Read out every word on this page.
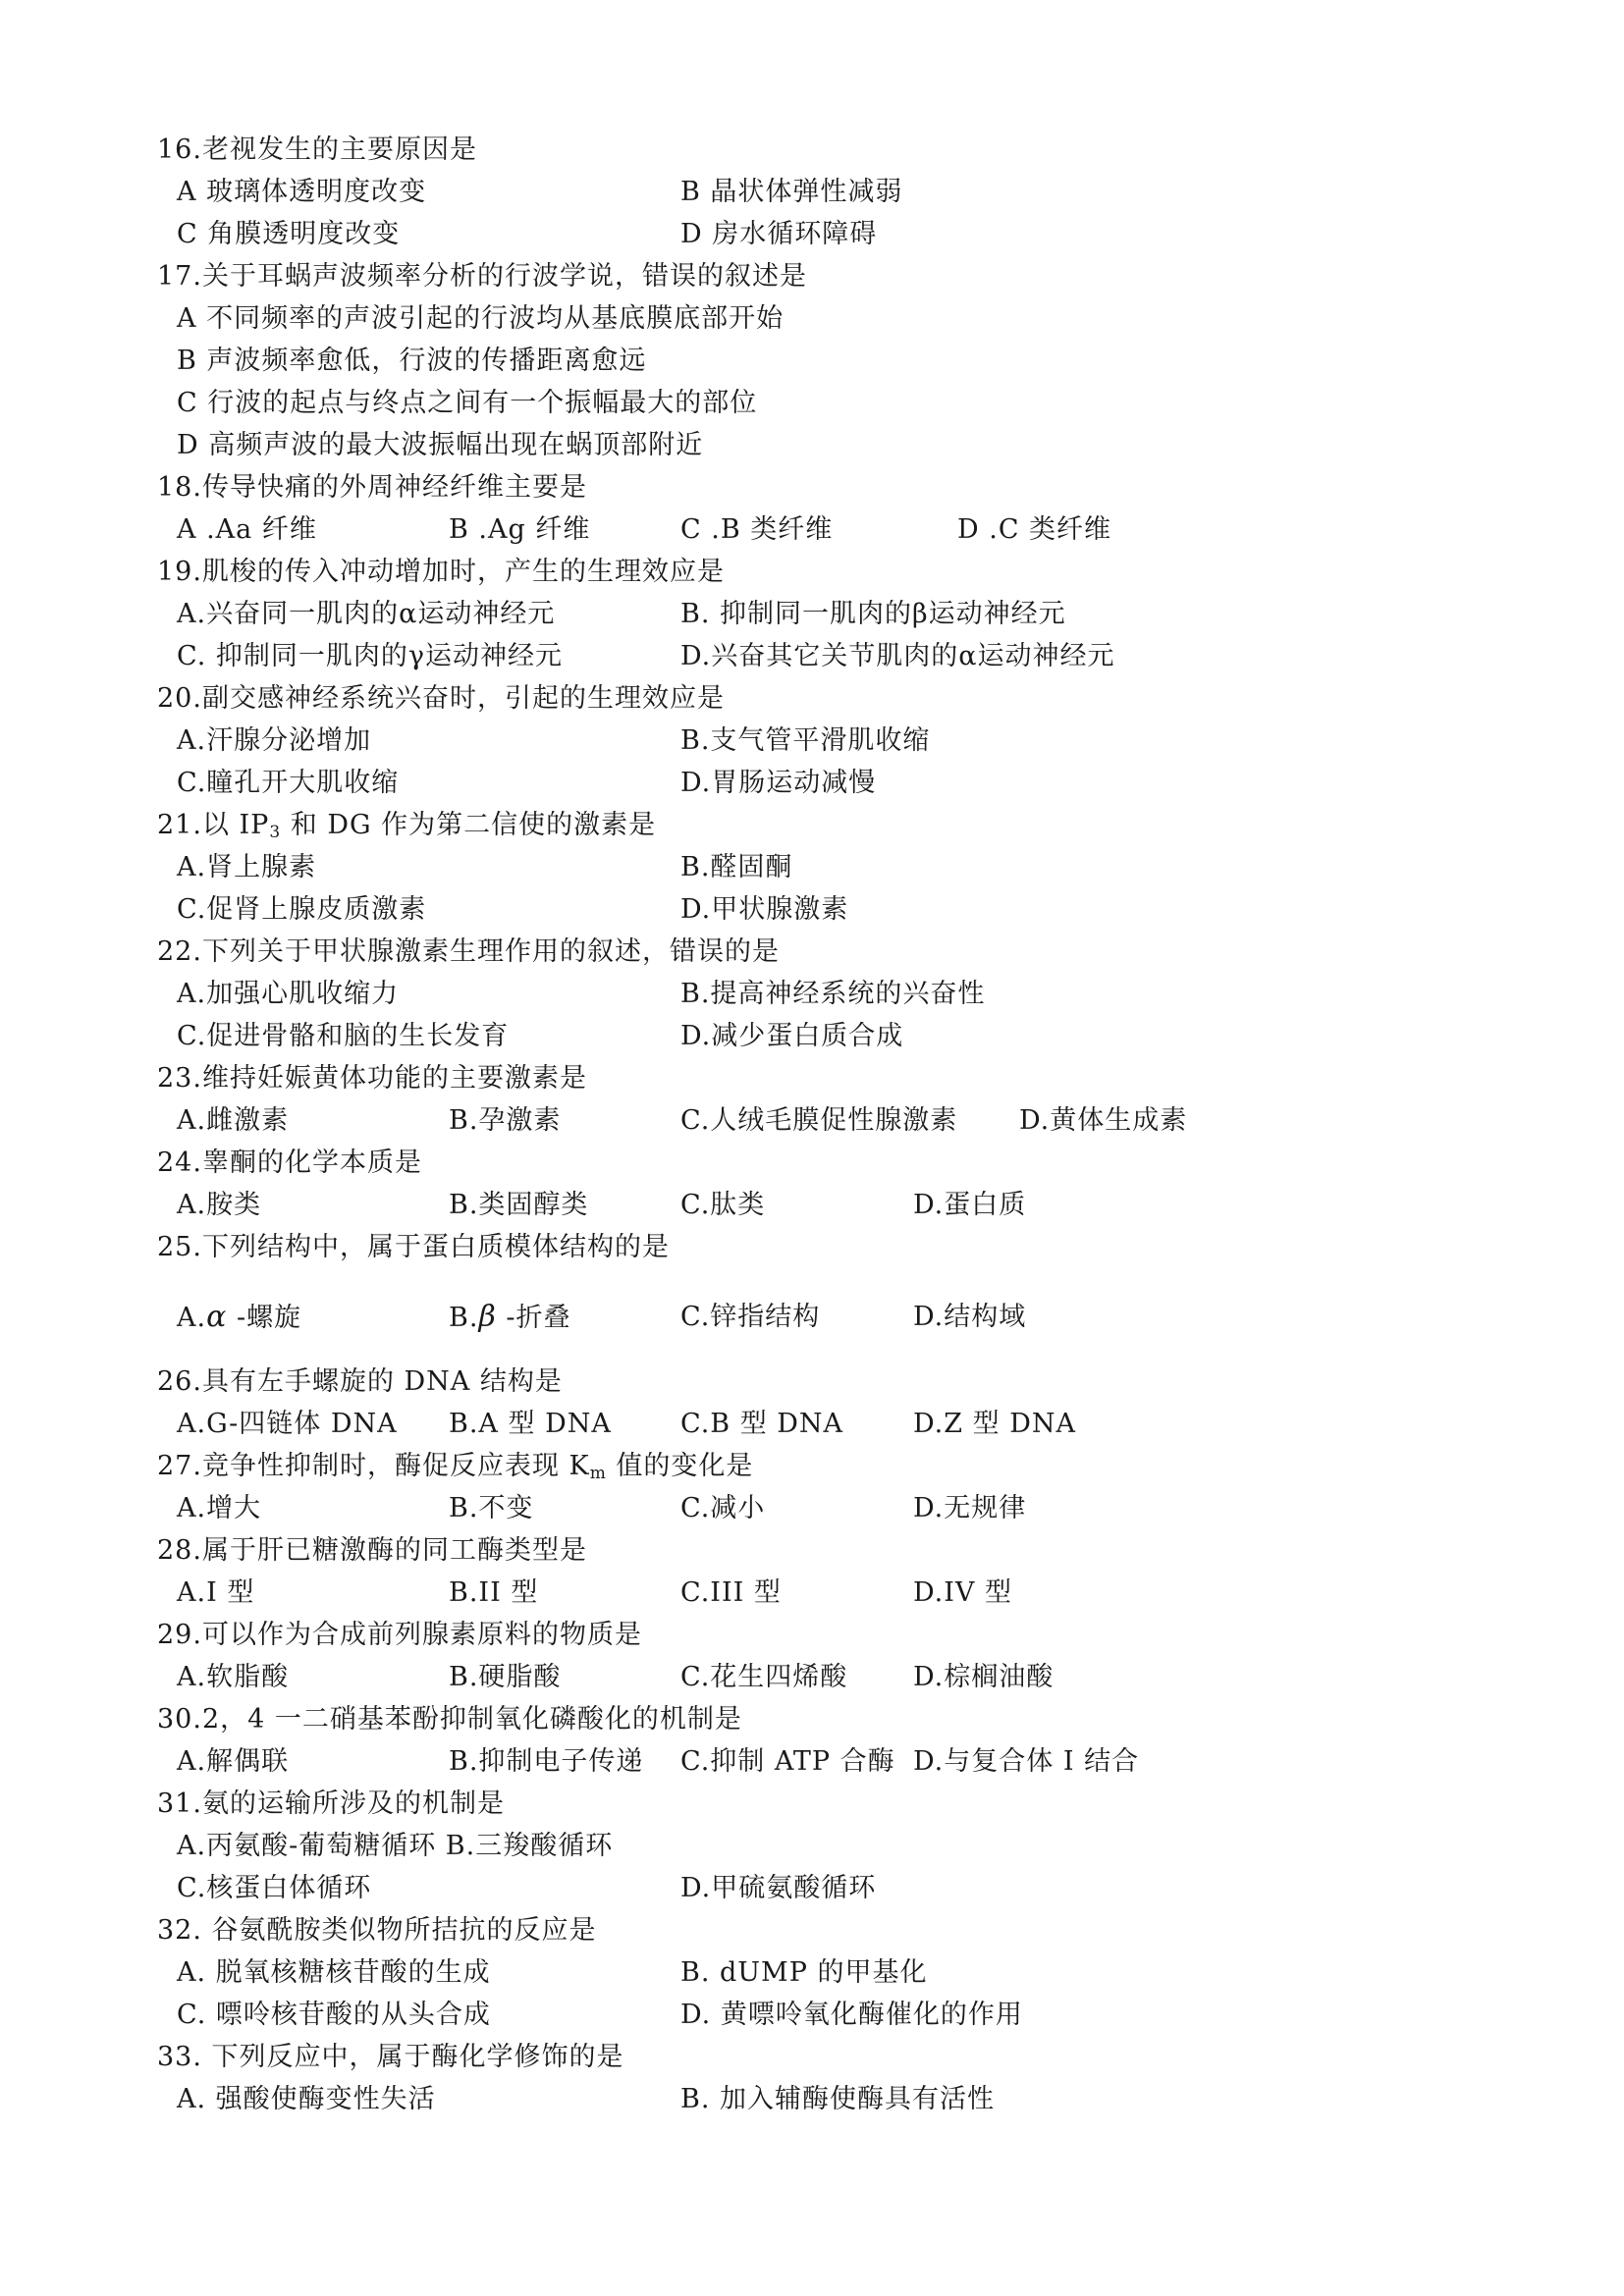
16.老视发生的主要原因是
A 玻璃体透明度改变	B 晶状体弹性减弱
C 角膜透明度改变	D 房水循环障碍
17.关于耳蜗声波频率分析的行波学说，错误的叙述是
A 不同频率的声波引起的行波均从基底膜底部开始
B 声波频率愈低，行波的传播距离愈远
C 行波的起点与终点之间有一个振幅最大的部位
D 高频声波的最大波振幅出现在蜗顶部附近
18.传导快痛的外周神经纤维主要是
A .Aa 纤维	B .Ag 纤维	C .B 类纤维	D .C 类纤维
19.肌梭的传入冲动增加时，产生的生理效应是
A.兴奋同一肌肉的α运动神经元	B. 抑制同一肌肉的β运动神经元
C. 抑制同一肌肉的γ运动神经元	D.兴奋其它关节肌肉的α运动神经元
20.副交感神经系统兴奋时，引起的生理效应是
A.汗腺分泌增加	B.支气管平滑肌收缩
C.瞳孔开大肌收缩	D.胃肠运动减慢
21.以 $IP_3$ 和 DG 作为第二信使的激素是
A.肾上腺素	B.醛固酮
C.促肾上腺皮质激素	D.甲状腺激素
22.下列关于甲状腺激素生理作用的叙述，错误的是
A.加强心肌收缩力	B.提高神经系统的兴奋性
C.促进骨骼和脑的生长发育	D.减少蛋白质合成
23.维持妊娠黄体功能的主要激素是
A.雌激素	B.孕激素	C.人绒毛膜促性腺激素 D.黄体生成素
24.睾酮的化学本质是
A.胺类	B.类固醇类	C.肽类	D.蛋白质
25.下列结构中，属于蛋白质模体结构的是
A.α -螺旋	B.β -折叠	C.锌指结构	D.结构域
26.具有左手螺旋的 DNA 结构是
A.G-四链体 DNA B.A 型 DNA	C.B 型 DNA	D.Z 型 DNA
27.竞争性抑制时，酶促反应表现 $K_m$ 值的变化是
A.增大	B.不变	C.减小	D.无规律
28.属于肝已糖激酶的同工酶类型是
A.I 型	B.II 型	C.III 型	D.IV 型
29.可以作为合成前列腺素原料的物质是
A.软脂酸	B.硬脂酸	C.花生四烯酸 D.棕榈油酸
30.2，4 一二硝基苯酚抑制氧化磷酸化的机制是
A.解偶联	B.抑制电子传递 C.抑制 ATP 合酶 D.与复合体 I 结合
31.氨的运输所涉及的机制是
A.丙氨酸-葡萄糖循环 B.三羧酸循环
C.核蛋白体循环	D.甲硫氨酸循环
32. 谷氨酰胺类似物所拮抗的反应是
A. 脱氧核糖核苷酸的生成	B. dUMP 的甲基化
C. 嘌呤核苷酸的从头合成	D. 黄嘌呤氧化酶催化的作用
33. 下列反应中，属于酶化学修饰的是
A. 强酸使酶变性失活	B. 加入辅酶使酶具有活性
